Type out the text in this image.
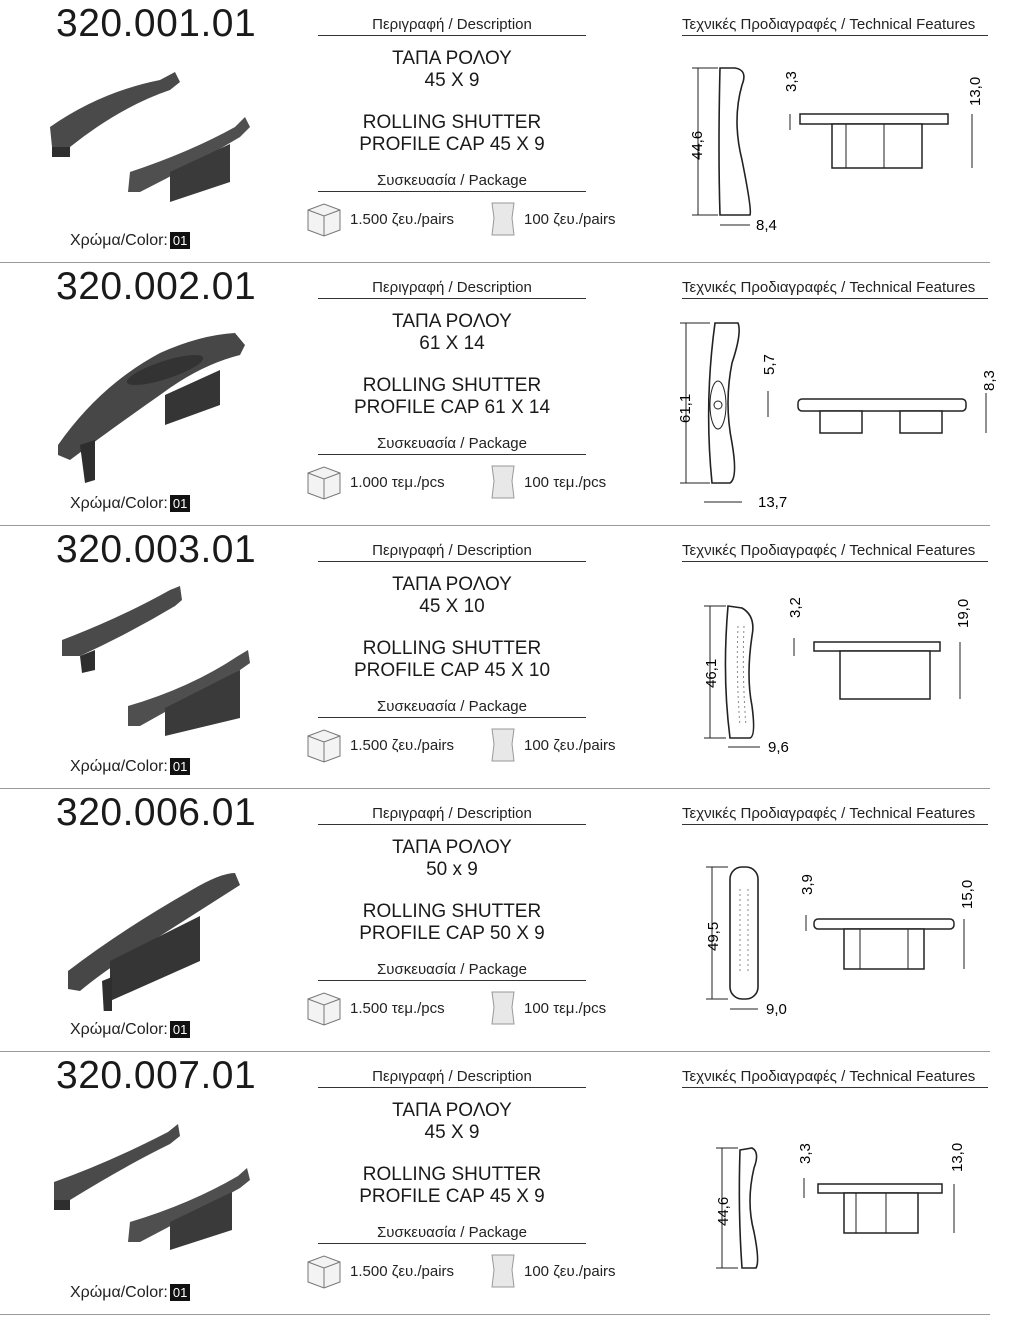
320.001.01
Χρώμα/Color: 01
Περιγραφή / Description
ΤΑΠΑ ΡΟΛΟΥ
45 X 9
ROLLING SHUTTER
PROFILE CAP 45 X 9
Συσκευασία / Package
1.500 ζευ./pairs	100 ζευ./pairs
Τεχνικές Προδιαγραφές / Technical Features
44,6
8,4
3,3	13,0
320.002.01
Χρώμα/Color: 01
Περιγραφή / Description
ΤΑΠΑ ΡΟΛΟΥ
61 X 14
ROLLING SHUTTER
PROFILE CAP 61 X 14
Συσκευασία / Package
1.000 τεμ./pcs	100 τεμ./pcs
Τεχνικές Προδιαγραφές / Technical Features
61,1
13,7
5,7
8,3
320.003.01
Χρώμα/Color: 01
Περιγραφή / Description
ΤΑΠΑ ΡΟΛΟΥ
45 X 10
ROLLING SHUTTER
PROFILE CAP 45 X 10
Συσκευασία / Package
1.500 ζευ./pairs	100 ζευ./pairs
Τεχνικές Προδιαγραφές / Technical Features
46,1
9,6
3,2	19,0
320.006.01
Χρώμα/Color: 01
Περιγραφή / Description
ΤΑΠΑ ΡΟΛΟΥ
50 x 9
ROLLING SHUTTER
PROFILE CAP 50 X 9
Συσκευασία / Package
1.500 τεμ./pcs	100 τεμ./pcs
Τεχνικές Προδιαγραφές / Technical Features
49,5
9,0
3,9	15,0
320.007.01
Χρώμα/Color: 01
Περιγραφή / Description
ΤΑΠΑ ΡΟΛΟΥ
45 X 9
ROLLING SHUTTER
PROFILE CAP 45 X 9
Συσκευασία / Package
1.500 ζευ./pairs	100 ζευ./pairs
Τεχνικές Προδιαγραφές / Technical Features
44,6
3,3	13,0
